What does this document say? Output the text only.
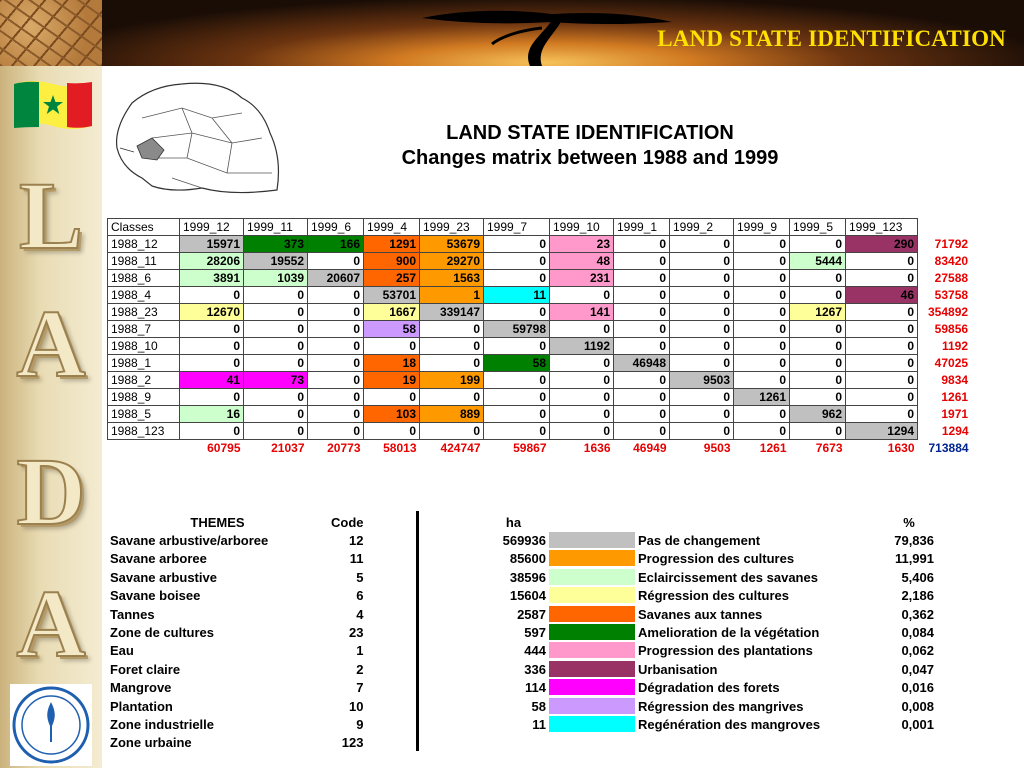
L
A
D
A
LAND STATE IDENTIFICATION
LAND STATE IDENTIFICATION
Changes matrix between 1988 and 1999
Classes	1999_12	1999_11	1999_6	1999_4	1999_23	1999_7	1999_10	1999_1	1999_2	1999_9	1999_5	1999_123	
1988_12	15971	373	166	1291	53679	0	23	0	0	0	0	290	71792
1988_11	28206	19552	0	900	29270	0	48	0	0	0	5444	0	83420
1988_6	3891	1039	20607	257	1563	0	231	0	0	0	0	0	27588
1988_4	0	0	0	53701	1	11	0	0	0	0	0	46	53758
1988_23	12670	0	0	1667	339147	0	141	0	0	0	1267	0	354892
1988_7	0	0	0	58	0	59798	0	0	0	0	0	0	59856
1988_10	0	0	0	0	0	0	1192	0	0	0	0	0	1192
1988_1	0	0	0	18	0	58	0	46948	0	0	0	0	47025
1988_2	41	73	0	19	199	0	0	0	9503	0	0	0	9834
1988_9	0	0	0	0	0	0	0	0	0	1261	0	0	1261
1988_5	16	0	0	103	889	0	0	0	0	0	962	0	1971
1988_123	0	0	0	0	0	0	0	0	0	0	0	1294	1294
	60795	21037	20773	58013	424747	59867	1636	46949	9503	1261	7673	1630	713884
THEMES	Code
Savane arbustive/arboree	12
Savane arboree	11
Savane arbustive	5
Savane boisee	6
Tannes	4
Zone de cultures	23
Eau	1
Foret claire	2
Mangrove	7
Plantation	10
Zone industrielle	9
Zone urbaine	123
ha			%
569936		Pas de changement	79,836
85600		Progression des cultures	11,991
38596		Eclaircissement des savanes	5,406
15604		Régression des cultures	2,186
2587		Savanes aux tannes	0,362
597		Amelioration de la végétation	0,084
444		Progression des plantations	0,062
336		Urbanisation	0,047
114		Dégradation des forets	0,016
58		Régression des mangrives	0,008
11		Regénération des mangroves	0,001
